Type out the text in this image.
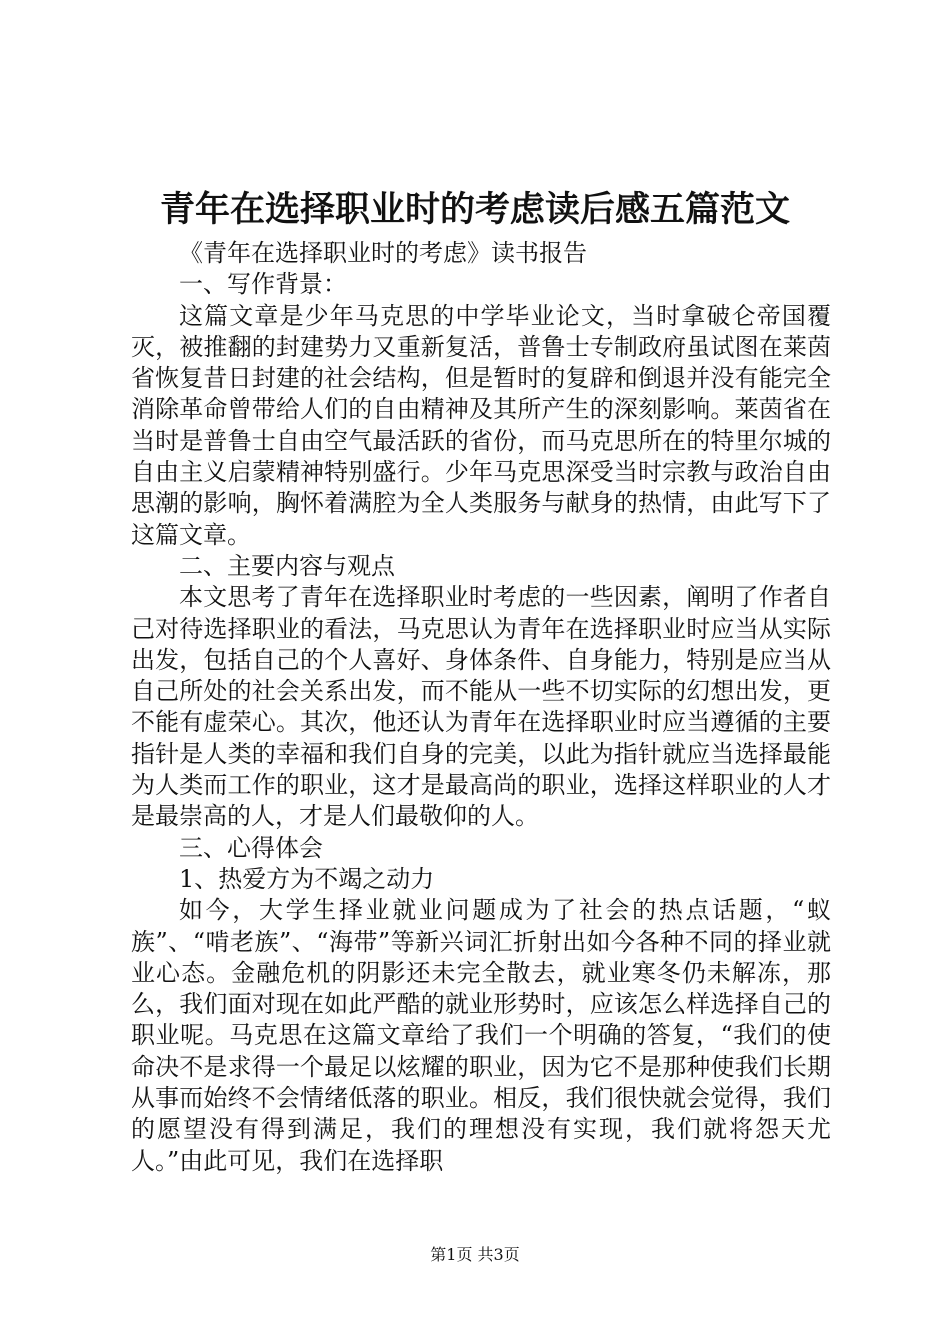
青年在选择职业时的考虑读后感五篇范文

《青年在选择职业时的考虑》读书报告

一、写作背景：

这篇文章是少年马克思的中学毕业论文，当时拿破仑帝国覆灭，被推翻的封建势力又重新复活，普鲁士专制政府虽试图在莱茵省恢复昔日封建的社会结构，但是暂时的复辟和倒退并没有能完全消除革命曾带给人们的自由精神及其所产生的深刻影响。莱茵省在当时是普鲁士自由空气最活跃的省份，而马克思所在的特里尔城的自由主义启蒙精神特别盛行。少年马克思深受当时宗教与政治自由思潮的影响，胸怀着满腔为全人类服务与献身的热情，由此写下了这篇文章。

二、主要内容与观点

本文思考了青年在选择职业时考虑的一些因素，阐明了作者自己对待选择职业的看法，马克思认为青年在选择职业时应当从实际出发，包括自己的个人喜好、身体条件、自身能力，特别是应当从自己所处的社会关系出发，而不能从一些不切实际的幻想出发，更不能有虚荣心。其次，他还认为青年在选择职业时应当遵循的主要指针是人类的幸福和我们自身的完美，以此为指针就应当选择最能为人类而工作的职业，这才是最高尚的职业，选择这样职业的人才是最崇高的人，才是人们最敬仰的人。

三、心得体会

1、热爱方为不竭之动力

如今，大学生择业就业问题成为了社会的热点话题，“蚁族”、“啃老族”、“海带”等新兴词汇折射出如今各种不同的择业就业心态。金融危机的阴影还未完全散去，就业寒冬仍未解冻，那么，我们面对现在如此严酷的就业形势时，应该怎么样选择自己的职业呢。马克思在这篇文章给了我们一个明确的答复，“我们的使命决不是求得一个最足以炫耀的职业，因为它不是那种使我们长期从事而始终不会情绪低落的职业。相反，我们很快就会觉得，我们的愿望没有得到满足，我们的理想没有实现，我们就将怨天尤人。”由此可见，我们在选择职

第1页 共3页
